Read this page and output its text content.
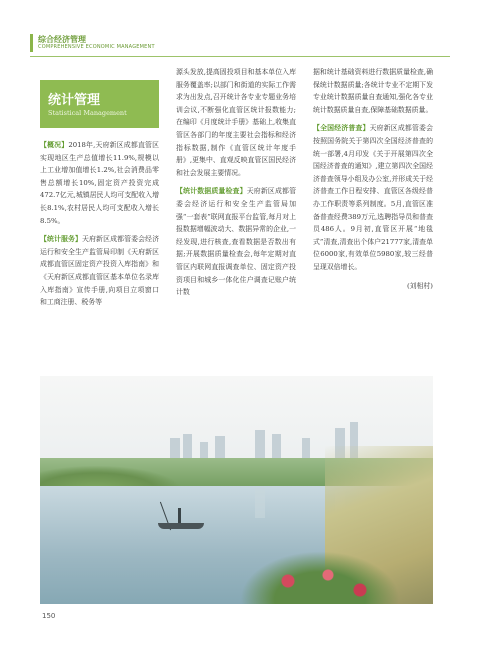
综合经济管理
COMPREHENSIVE ECONOMIC MANAGEMENT
统计管理
Statistical Management

【概况】2018年,天府新区成都直管区实现地区生产总值增长11.9%,规模以上工业增加值增长1.2%,社会消费品零售总额增长10%,固定资产投资完成472.7亿元,城镇居民人均可支配收入增长8.1%,农村居民人均可支配收入增长8.5%。

【统计服务】天府新区成都管委会经济运行和安全生产监管局印制《天府新区成都直管区固定资产投资入库指南》和《天府新区成都直管区基本单位名录库入库指南》宣传手册,向项目立项窗口和工商注册、税务等

源头发放,提高固投项目和基本单位入库服务覆盖率;以部门和街道的实际工作需求为出发点,召开统计各专业专题业务培训会议,不断强化直管区统计报数能力;在编印《月度统计手册》基础上,收集直管区各部门的年度主要社会指标和经济指标数据,制作《直管区统计年度手册》,更集中、直观反映直管区国民经济和社会发展主要情况。

【统计数据质量检查】天府新区成都管委会经济运行和安全生产监管局加强“一套表”联网直报平台监管,每月对上报数据增幅波动大、数据异常的企业,一经发现,进行核查,查看数据是否数出有据;开展数据质量检查会,每年定期对直管区内联网直报调查单位、固定资产投资项目和城乡一体化住户调查记账户统计数

据和统计基础资料进行数据质量检查,确保统计数据质量;各统计专业不定期下发专业统计数据质量自查通知,强化各专业统计数据质量自查,保障基础数据质量。

【全国经济普查】天府新区成都管委会按照国务院关于第四次全国经济普查的统一部署,4月印发《关于开展第四次全国经济普查的通知》,建立第四次全国经济普查领导小组及办公室,并形成关于经济普查工作日程安排、直管区各级经普办工作职责等系列制度。5月,直管区准备普查经费389万元,选聘指导员和普查员486人。9月初,直管区开展“地毯式”清查,清查出个体户21777家,清查单位6000家,有效单位5980家,较三经普呈现双倍增长。

(刘相村)

150
